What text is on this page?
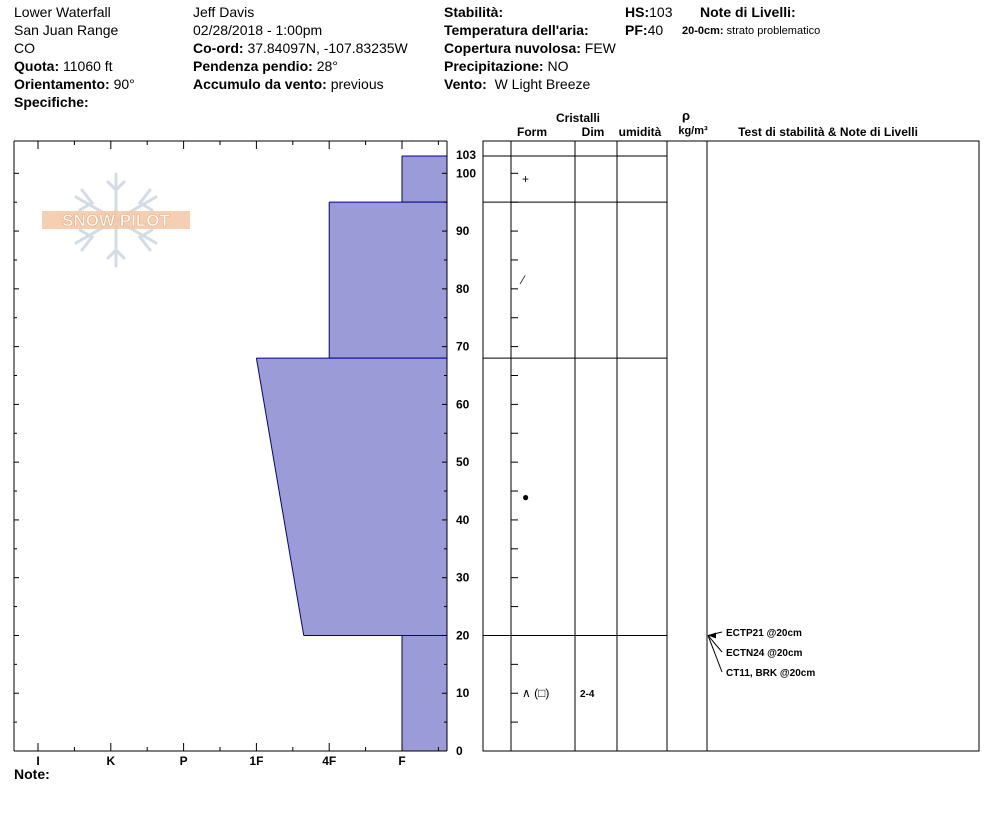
Lower Waterfall
San Juan Range
CO
Quota: 11060 ft
Orientamento: 90°
Specifiche:
Jeff Davis
02/28/2018 - 1:00pm
Co-ord: 37.84097N, -107.83235W
Pendenza pendio: 28°
Accumulo da vento: previous
Stabilità:
Temperatura dell'aria:
Copertura nuvolosa: FEW
Precipitazione: NO
Vento: W Light Breeze
HS:103
PF:40
Note di Livelli:
20-0cm: strato problematico
Note:
I	K	P	1F	4F	F
0
10
20
30
40
50
60
70
80
90
100
103
+
⁄
●
∧ (□)	2-4
Cristalli
Form	Dim umidità
ρ
kg/m³	Test di stabilità & Note di Livelli
ECTP21 @20cm
ECTN24 @20cm
CT11, BRK @20cm
SNOW PILOT
